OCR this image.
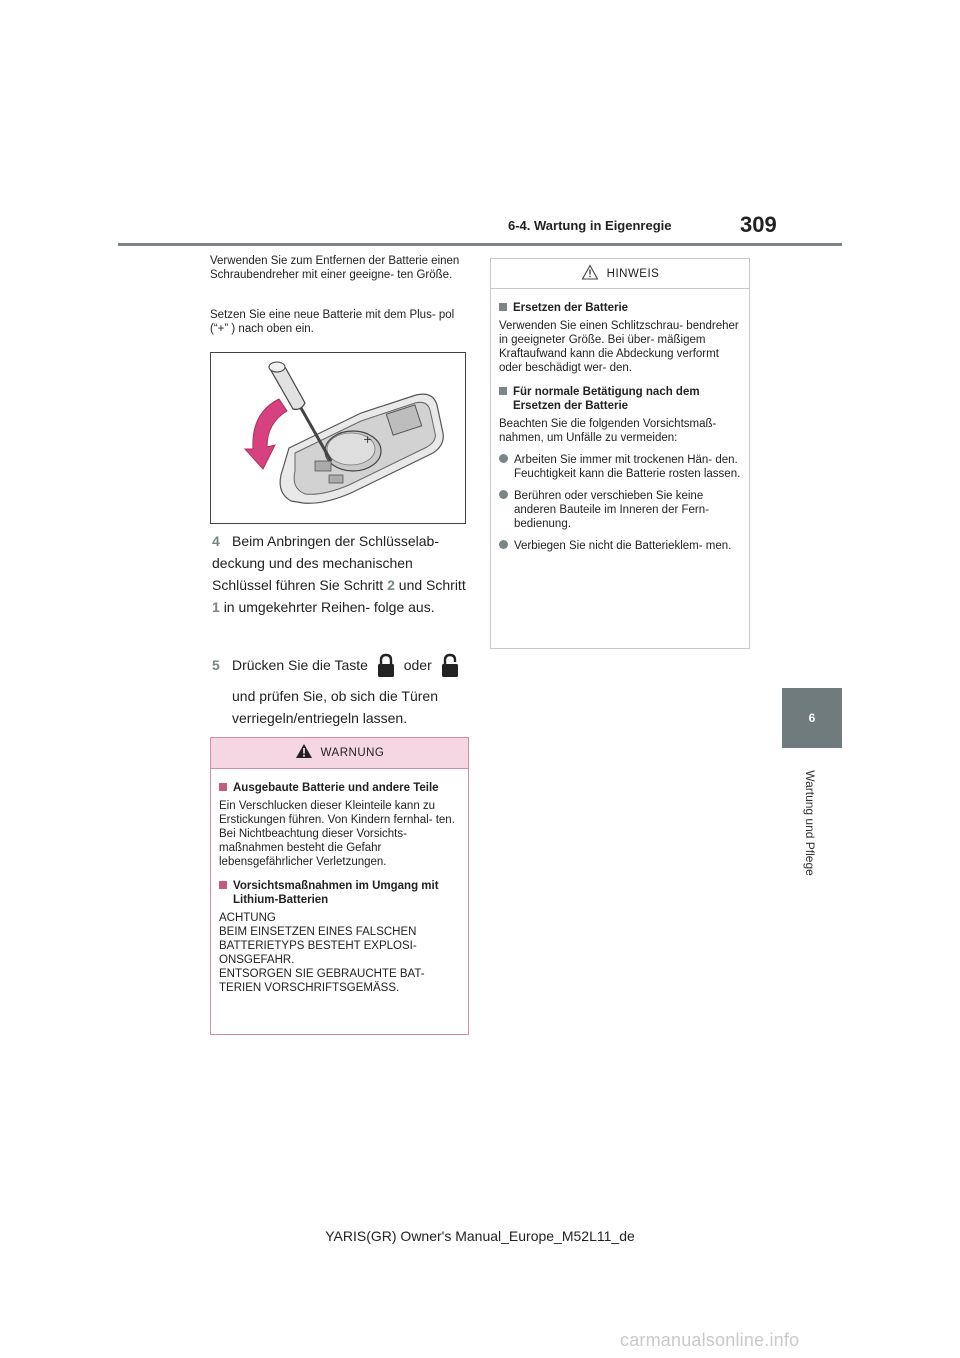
6-4. Wartung in Eigenregie	309
6
Wartung und Pflege
Verwenden Sie zum Entfernen der Batterie einen Schraubendreher mit einer geeigne- ten Größe.
Setzen Sie eine neue Batterie mit dem Plus- pol (“+” ) nach oben ein.
+
4 Beim Anbringen der Schlüsselab- deckung und des mechanischen Schlüssel führen Sie Schritt 2 und Schritt 1 in umgekehrter Reihen- folge aus.
5 Drücken Sie die Taste	oder
und prüfen Sie, ob sich die Türen verriegeln/entriegeln lassen.
WARNUNG
Ausgebaute Batterie und andere Teile
Ein Verschlucken dieser Kleinteile kann zu Erstickungen führen. Von Kindern fernhal- ten. Bei Nichtbeachtung dieser Vorsichts- maßnahmen besteht die Gefahr lebensgefährlicher Verletzungen.
Vorsichtsmaßnahmen im Umgang mit Lithium-Batterien
ACHTUNG
BEIM EINSETZEN EINES FALSCHEN BATTERIETYPS BESTEHT EXPLOSI- ONSGEFAHR.
ENTSORGEN SIE GEBRAUCHTE BAT- TERIEN VORSCHRIFTSGEMÄSS.
HINWEIS
Ersetzen der Batterie
Verwenden Sie einen Schlitzschrau- bendreher in geeigneter Größe. Bei über- mäßigem Kraftaufwand kann die Abdeckung verformt oder beschädigt wer- den.
Für normale Betätigung nach dem Ersetzen der Batterie
Beachten Sie die folgenden Vorsichtsmaß- nahmen, um Unfälle zu vermeiden:
Arbeiten Sie immer mit trockenen Hän- den.
Feuchtigkeit kann die Batterie rosten lassen.
Berühren oder verschieben Sie keine anderen Bauteile im Inneren der Fern- bedienung.
Verbiegen Sie nicht die Batterieklem- men.
YARIS(GR) Owner's Manual_Europe_M52L11_de
carmanualsonline.info
